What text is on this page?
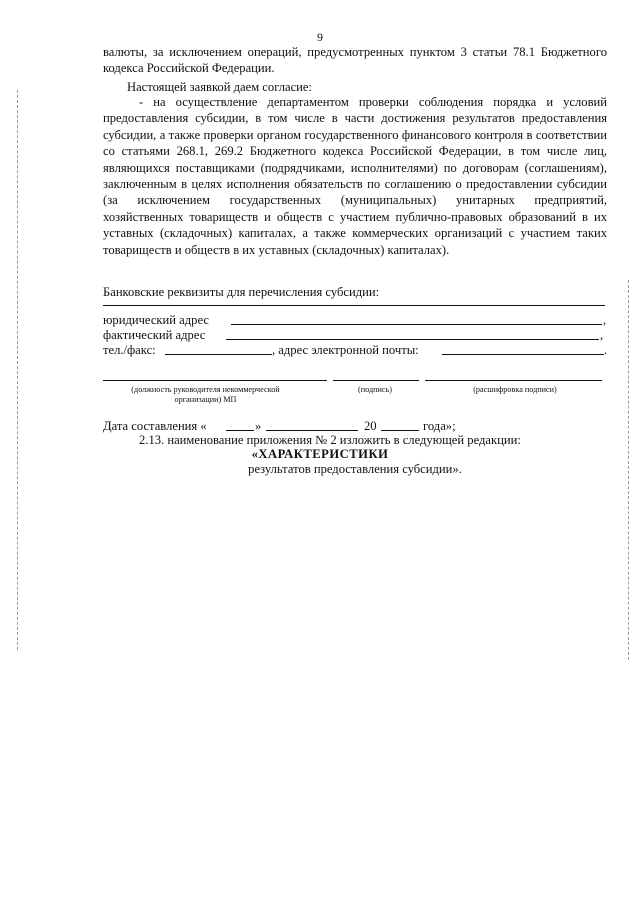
9
валюты, за исключением операций, предусмотренных пунктом 3 статьи 78.1 Бюджетного кодекса Российской Федерации.
Настоящей заявкой даем согласие:
- на осуществление департаментом проверки соблюдения порядка и условий предоставления субсидии, в том числе в части достижения результатов предоставления субсидии, а также проверки органом государственного финансового контроля в соответствии со статьями 268.1, 269.2 Бюджетного кодекса Российской Федерации, в том числе лиц, являющихся поставщиками (подрядчиками, исполнителями) по договорам (соглашениям), заключенным в целях исполнения обязательств по соглашению о предоставлении субсидии (за исключением государственных (муниципальных) унитарных предприятий, хозяйственных товариществ и обществ с участием публично-правовых образований в их уставных (складочных) капиталах, а также коммерческих организаций с участием таких товариществ и обществ в их уставных (складочных) капиталах).
Банковские реквизиты для перечисления субсидии:
юридический адрес	,
фактический адрес	,
тел./факс:	, адрес электронной почты:	.
(должность руководителя некоммерческой организации) МП
(подпись)	(расшифровка подписи)
Дата составления «	»	20	года»;
2.13. наименование приложения № 2 изложить в следующей редакции:
«ХАРАКТЕРИСТИКИ
результатов предоставления субсидии».
